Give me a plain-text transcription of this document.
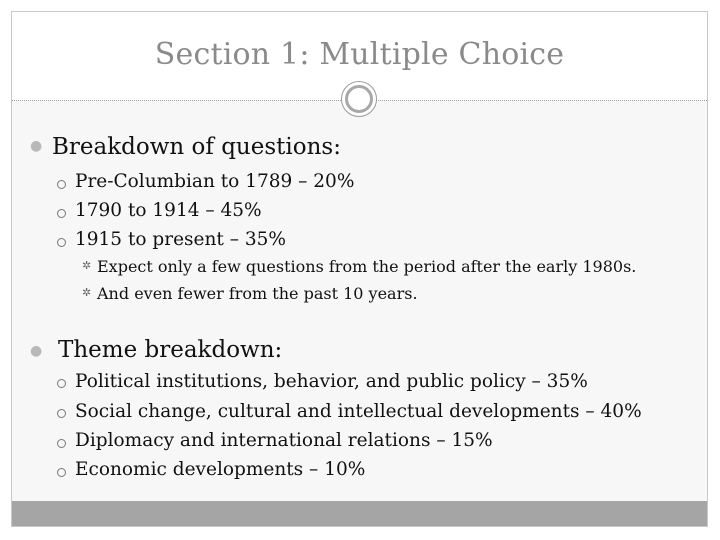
Section 1: Multiple Choice
● Breakdown of questions:
Pre-Columbian to 1789 – 20%
1790 to 1914 – 45%
1915 to present – 35%
✲ Expect only a few questions from the period after the early 1980s.
✲ And even fewer from the past 10 years.
● Theme breakdown:
Political institutions, behavior, and public policy – 35%
Social change, cultural and intellectual developments – 40%
Diplomacy and international relations – 15%
Economic developments – 10%
